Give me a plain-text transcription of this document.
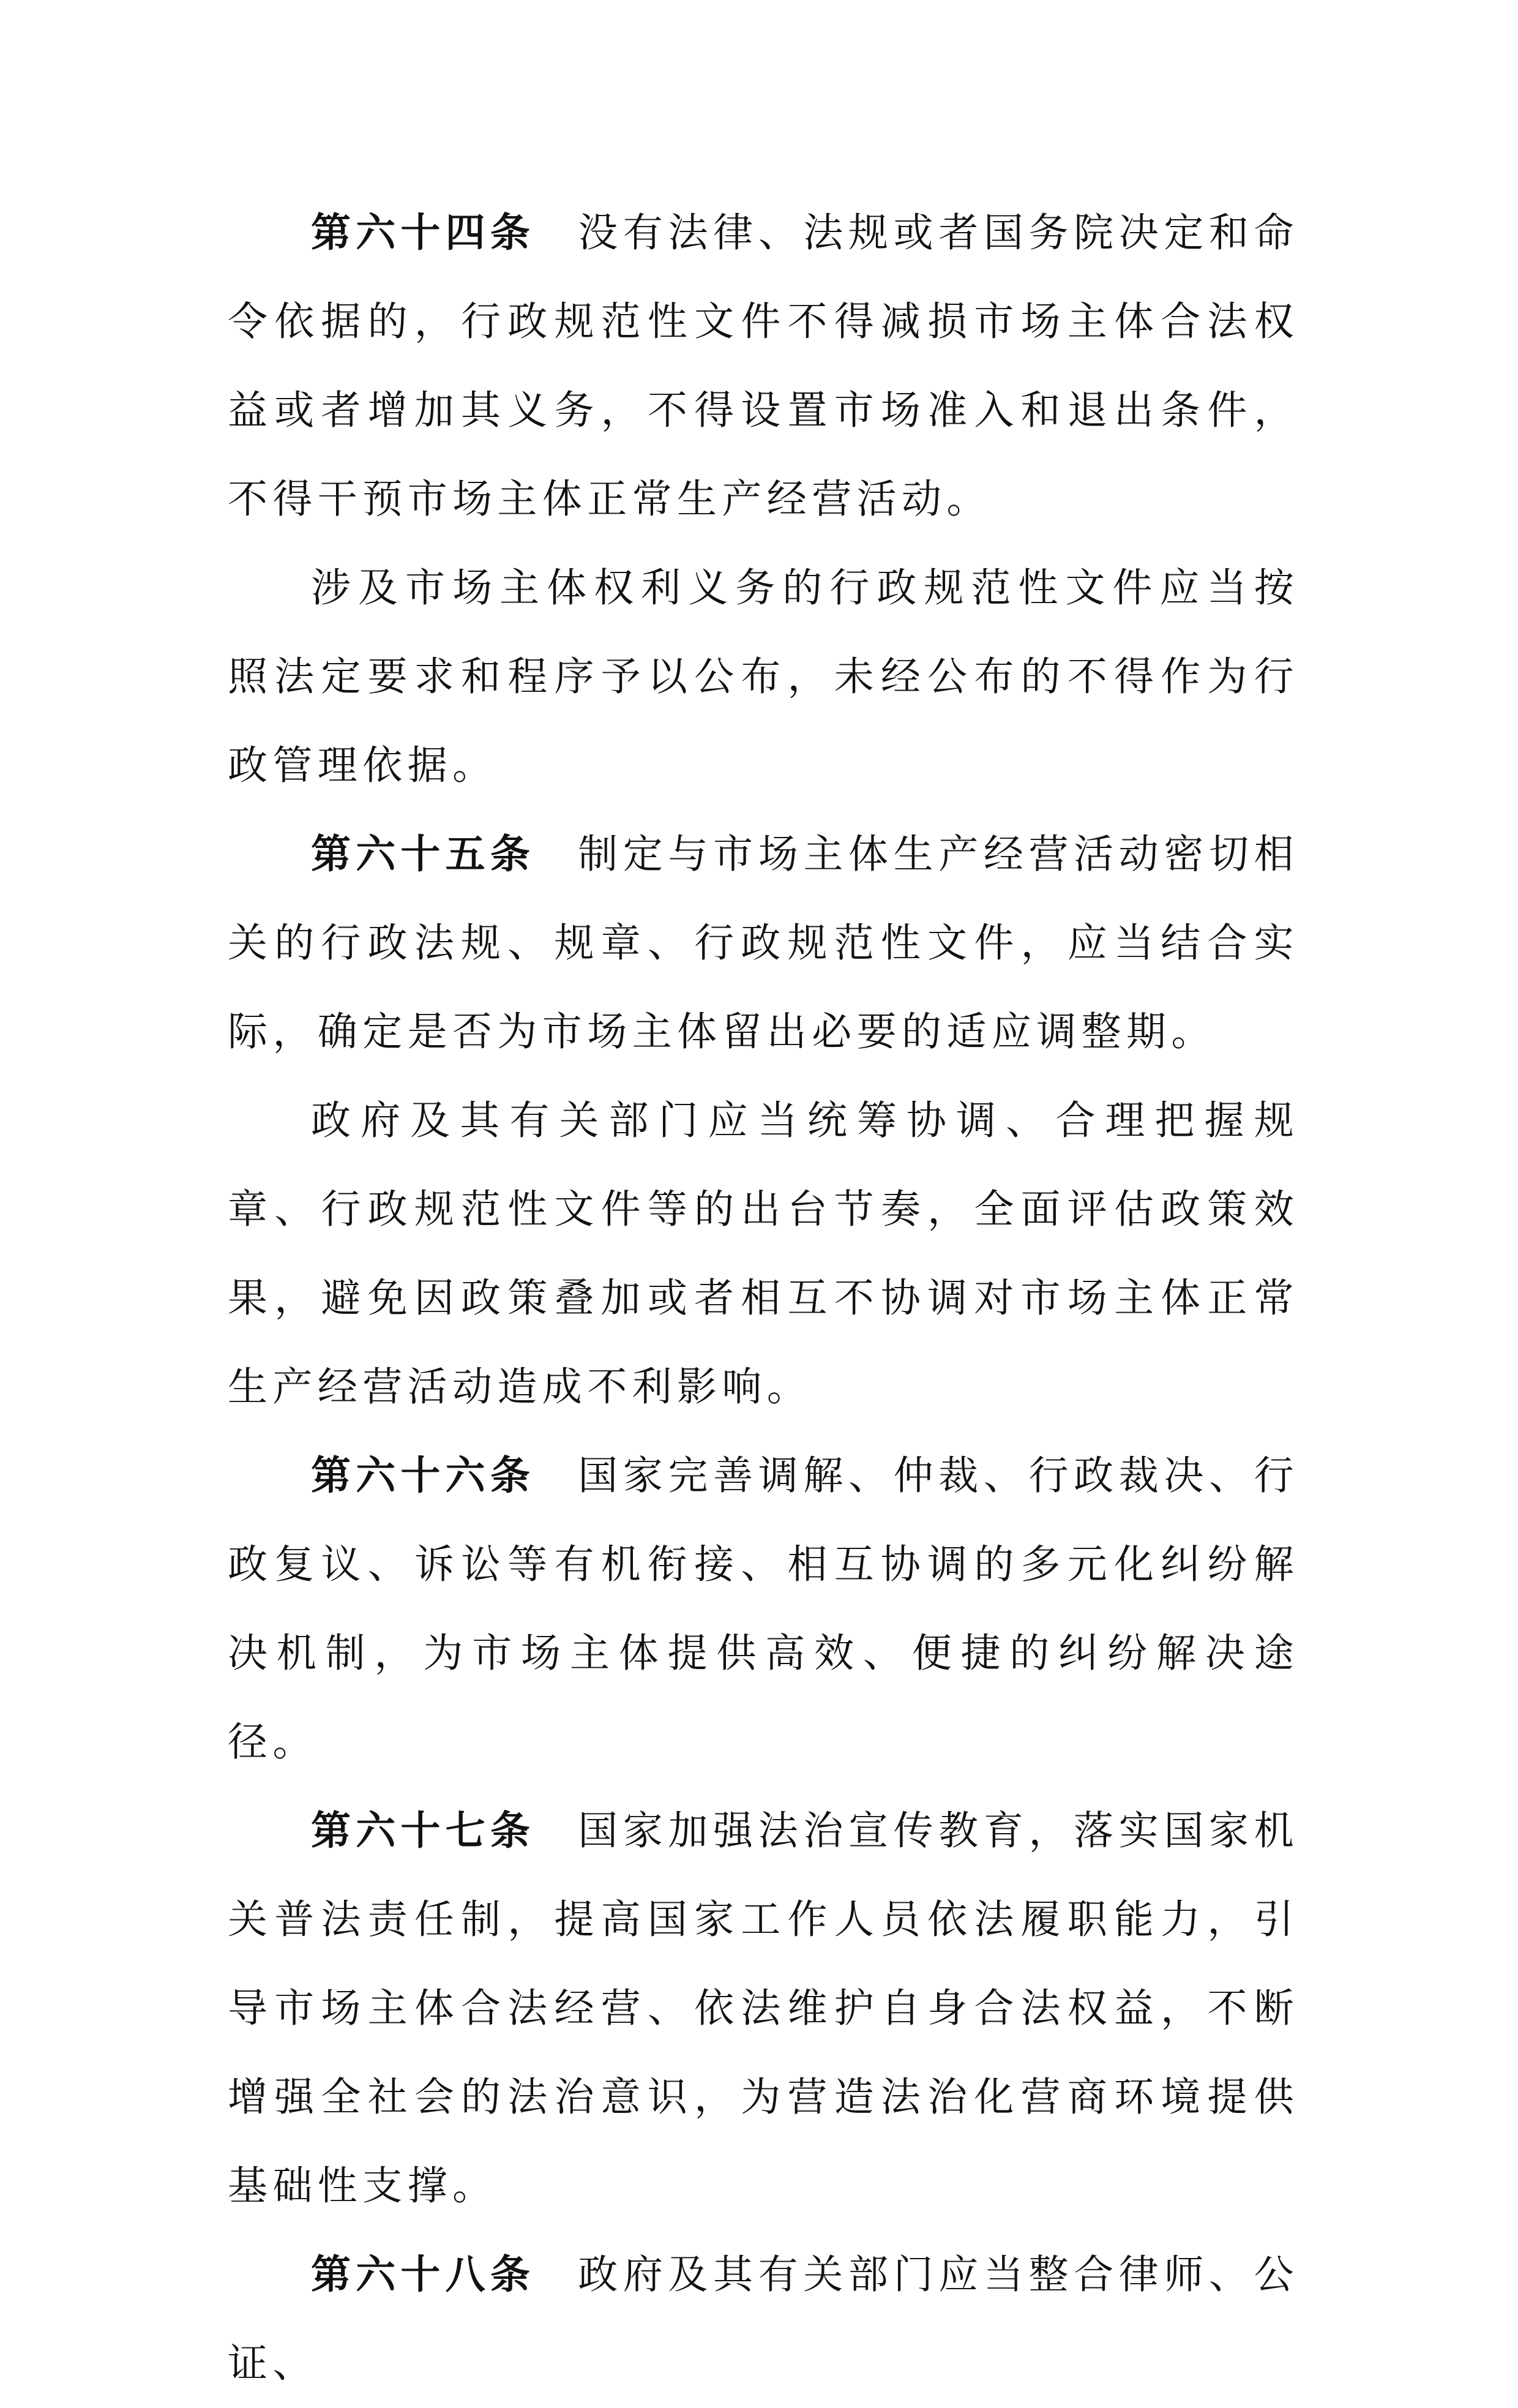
第六十四条 没有法律、法规或者国务院决定和命令依据的，行政规范性文件不得减损市场主体合法权益或者增加其义务，不得设置市场准入和退出条件，不得干预市场主体正常生产经营活动。

涉及市场主体权利义务的行政规范性文件应当按照法定要求和程序予以公布，未经公布的不得作为行政管理依据。

第六十五条 制定与市场主体生产经营活动密切相关的行政法规、规章、行政规范性文件，应当结合实际，确定是否为市场主体留出必要的适应调整期。

政府及其有关部门应当统筹协调、合理把握规章、行政规范性文件等的出台节奏，全面评估政策效果，避免因政策叠加或者相互不协调对市场主体正常生产经营活动造成不利影响。

第六十六条 国家完善调解、仲裁、行政裁决、行政复议、诉讼等有机衔接、相互协调的多元化纠纷解决机制，为市场主体提供高效、便捷的纠纷解决途径。

第六十七条 国家加强法治宣传教育，落实国家机关普法责任制，提高国家工作人员依法履职能力，引导市场主体合法经营、依法维护自身合法权益，不断增强全社会的法治意识，为营造法治化营商环境提供基础性支撑。

第六十八条 政府及其有关部门应当整合律师、公证、
